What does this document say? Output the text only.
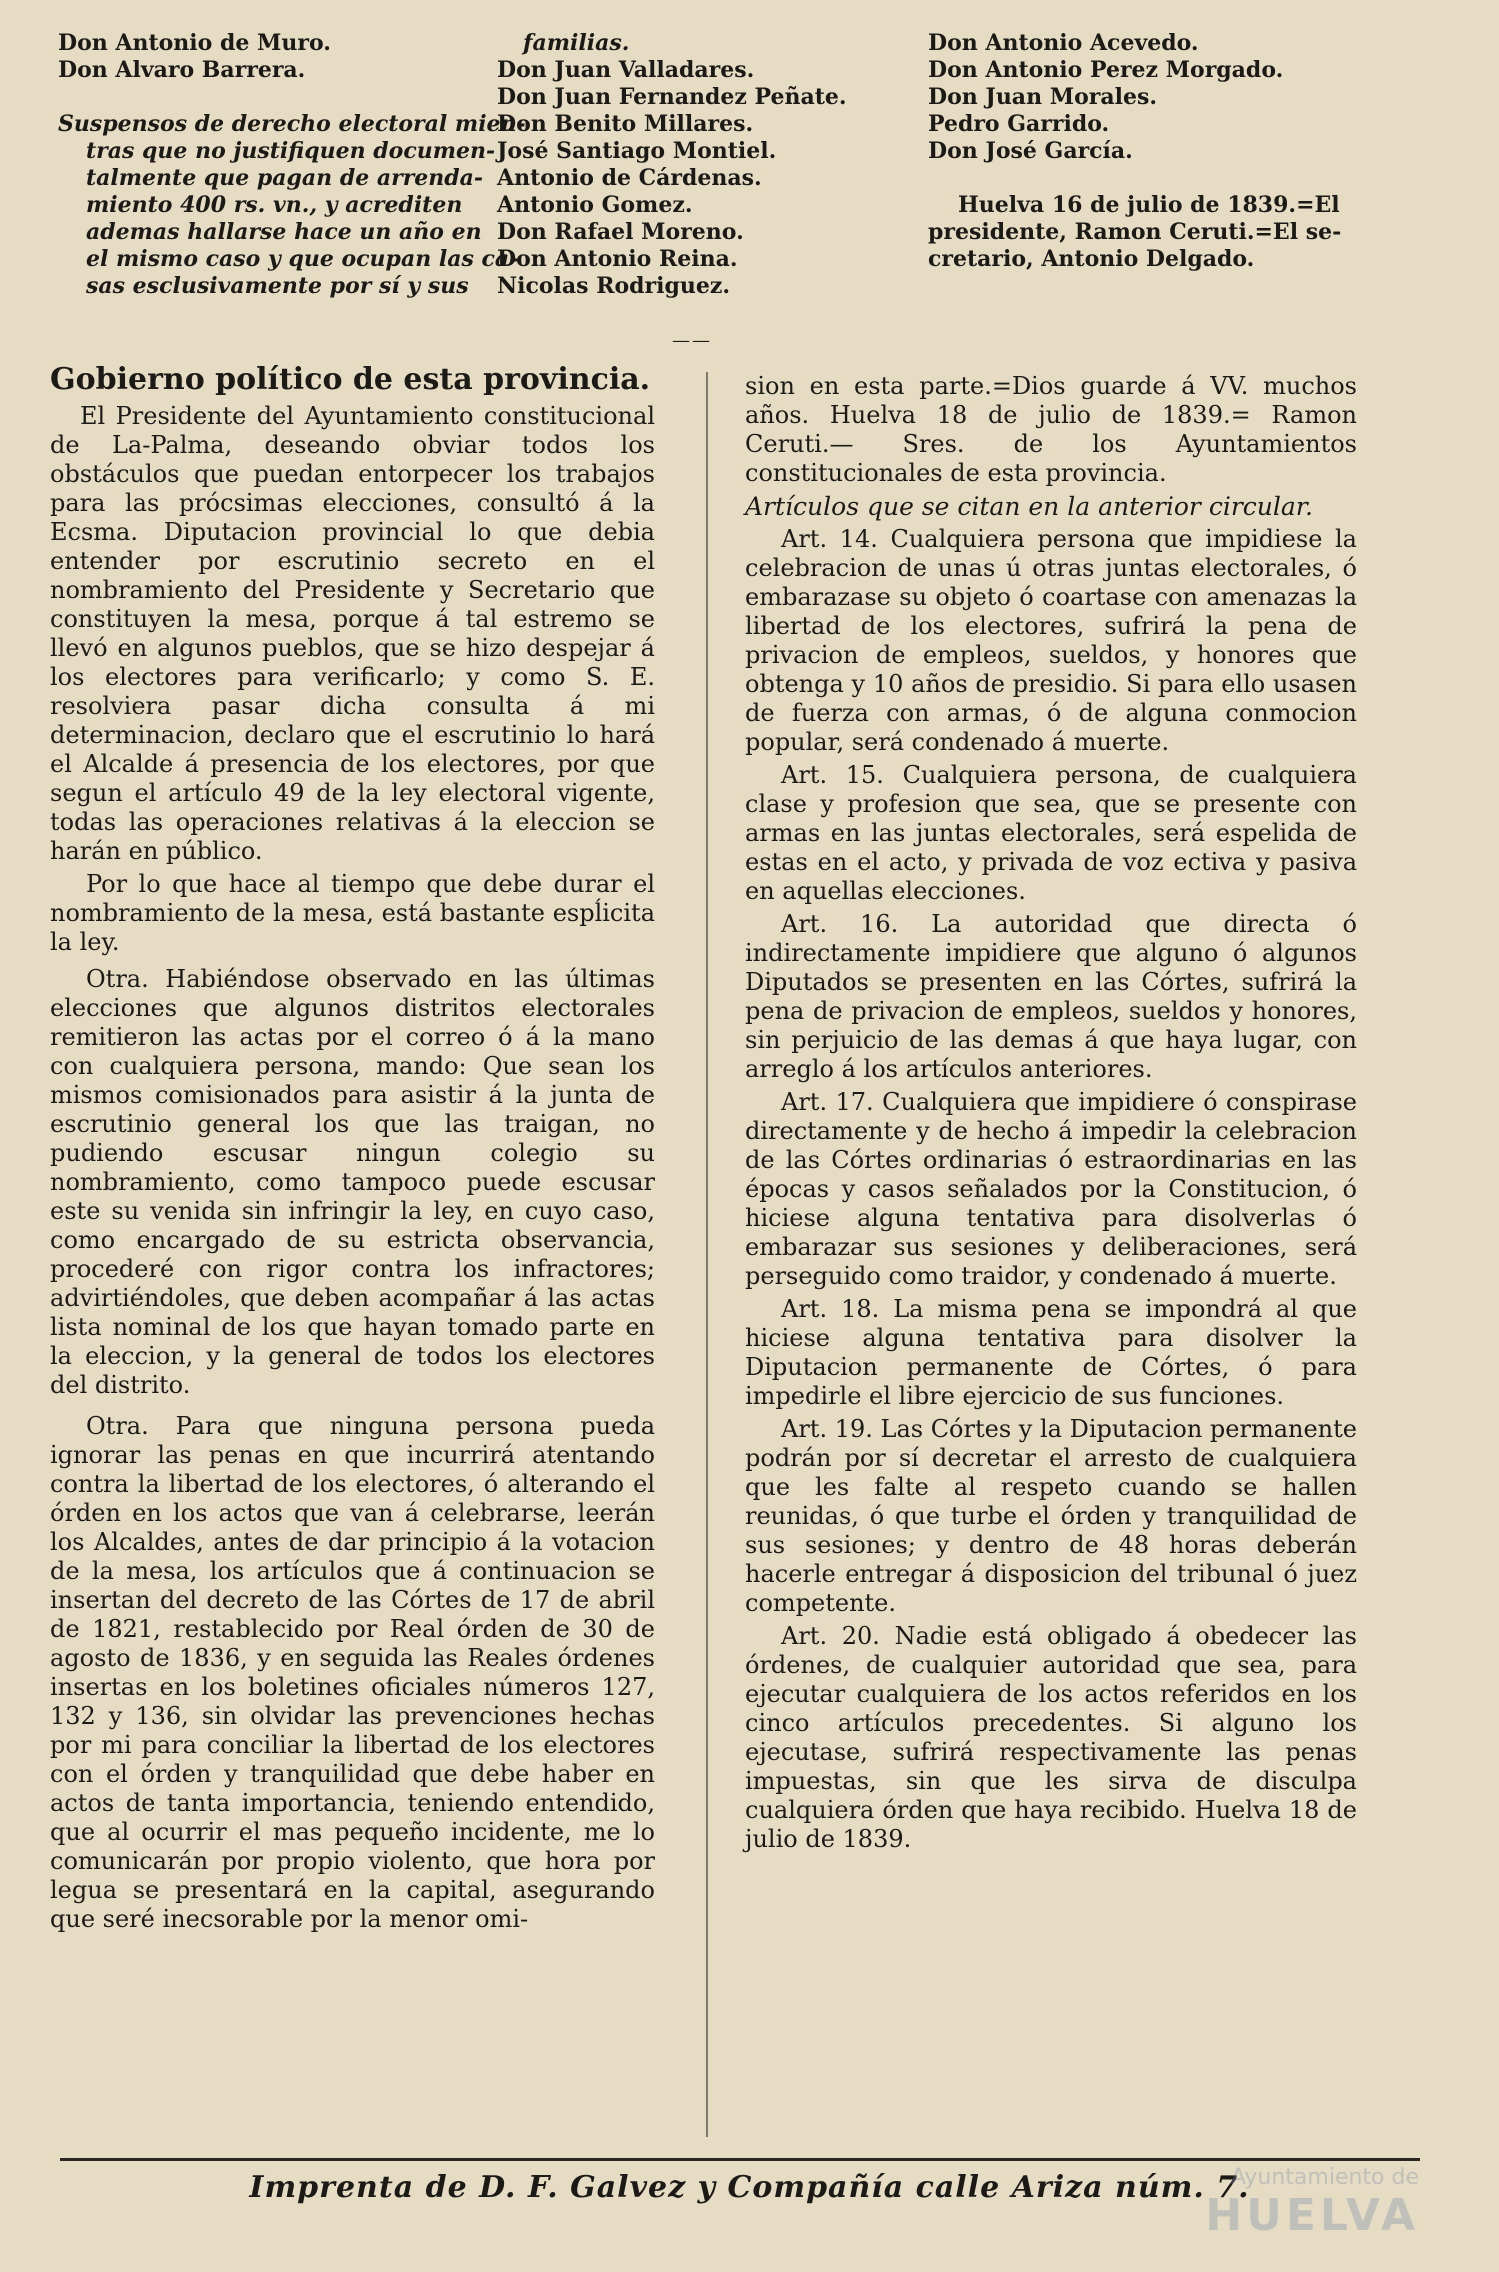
Don Antonio de Muro.
Don Alvaro Barrera.
Suspensos de derecho electoral mien-
tras que no justifiquen documen-
talmente que pagan de arrenda-
miento 400 rs. vn., y acrediten
ademas hallarse hace un año en
el mismo caso y que ocupan las ca-
sas esclusivamente por sí y sus
familias.
Don Juan Valladares.
Don Juan Fernandez Peñate.
Don Benito Millares.
José Santiago Montiel.
Antonio de Cárdenas.
Antonio Gomez.
Don Rafael Moreno.
Don Antonio Reina.
Nicolas Rodriguez.
Don Antonio Acevedo.
Don Antonio Perez Morgado.
Don Juan Morales.
Pedro Garrido.
Don José García.
Huelva 16 de julio de 1839.=El
presidente, Ramon Ceruti.=El se-
cretario, Antonio Delgado.
——

Gobierno político de esta provincia.

El Presidente del Ayuntamiento constitucional de La-Palma, deseando obviar todos los obstáculos que puedan entorpecer los trabajos para las prócsimas elecciones, consultó á la Ecsma. Diputacion provincial lo que debia entender por escrutinio secreto en el nombramiento del Presidente y Secretario que constituyen la mesa, porque á tal estremo se llevó en algunos pueblos, que se hizo despejar á los electores para verificarlo; y como S. E. resolviera pasar dicha consulta á mi determinacion, declaro que el escrutinio lo hará el Alcalde á presencia de los electores, por que segun el artículo 49 de la ley electoral vigente, todas las operaciones relativas á la eleccion se harán en público.

Por lo que hace al tiempo que debe durar el nombramiento de la mesa, está bastante espĺicita la ley.

Otra. Habiéndose observado en las últimas elecciones que algunos distritos electorales remitieron las actas por el correo ó á la mano con cualquiera persona, mando: Que sean los mismos comisionados para asistir á la junta de escrutinio general los que las traigan, no pudiendo escusar ningun colegio su nombramiento, como tampoco puede escusar este su venida sin infringir la ley, en cuyo caso, como encargado de su estricta observancia, procederé con rigor contra los infractores; advirtiéndoles, que deben acompañar á las actas lista nominal de los que hayan tomado parte en la eleccion, y la general de todos los electores del distrito.

Otra. Para que ninguna persona pueda ignorar las penas en que incurrirá atentando contra la libertad de los electores, ó alterando el órden en los actos que van á celebrarse, leerán los Alcaldes, antes de dar principio á la votacion de la mesa, los artículos que á continuacion se insertan del decreto de las Córtes de 17 de abril de 1821, restablecido por Real órden de 30 de agosto de 1836, y en seguida las Reales órdenes insertas en los boletines oficiales números 127, 132 y 136, sin olvidar las prevenciones hechas por mi para conciliar la libertad de los electores con el órden y tranquilidad que debe haber en actos de tanta importancia, teniendo entendido, que al ocurrir el mas pequeño incidente, me lo comunicarán por propio violento, que hora por legua se presentará en la capital, asegurando que seré inecsorable por la menor omi-

sion en esta parte.=Dios guarde á VV. muchos años. Huelva 18 de julio de 1839.= Ramon Ceruti.— Sres. de los Ayuntamientos constitucionales de esta provincia.

Artículos que se citan en la anterior circular.

Art. 14. Cualquiera persona que impidiese la celebracion de unas ú otras juntas electorales, ó embarazase su objeto ó coartase con amenazas la libertad de los electores, sufrirá la pena de privacion de empleos, sueldos, y honores que obtenga y 10 años de presidio. Si para ello usasen de fuerza con armas, ó de alguna conmocion popular, será condenado á muerte.

Art. 15. Cualquiera persona, de cualquiera clase y profesion que sea, que se presente con armas en las juntas electorales, será espelida de estas en el acto, y privada de voz ectiva y pasiva en aquellas elecciones.

Art. 16. La autoridad que directa ó indirectamente impidiere que alguno ó algunos Diputados se presenten en las Córtes, sufrirá la pena de privacion de empleos, sueldos y honores, sin perjuicio de las demas á que haya lugar, con arreglo á los artículos anteriores.

Art. 17. Cualquiera que impidiere ó conspirase directamente y de hecho á impedir la celebracion de las Córtes ordinarias ó estraordinarias en las épocas y casos señalados por la Constitucion, ó hiciese alguna tentativa para disolverlas ó embarazar sus sesiones y deliberaciones, será perseguido como traidor, y condenado á muerte.

Art. 18. La misma pena se impondrá al que hiciese alguna tentativa para disolver la Diputacion permanente de Córtes, ó para impedirle el libre ejercicio de sus funciones.

Art. 19. Las Córtes y la Diputacion permanente podrán por sí decretar el arresto de cualquiera que les falte al respeto cuando se hallen reunidas, ó que turbe el órden y tranquilidad de sus sesiones; y dentro de 48 horas deberán hacerle entregar á disposicion del tribunal ó juez competente.

Art. 20. Nadie está obligado á obedecer las órdenes, de cualquier autoridad que sea, para ejecutar cualquiera de los actos referidos en los cinco artículos precedentes. Si alguno los ejecutase, sufrirá respectivamente las penas impuestas, sin que les sirva de disculpa cualquiera órden que haya recibido. Huelva 18 de julio de 1839.

Imprenta de D. F. Galvez y Compañía calle Ariza núm. 7.
Ayuntamiento de
HUELVA
